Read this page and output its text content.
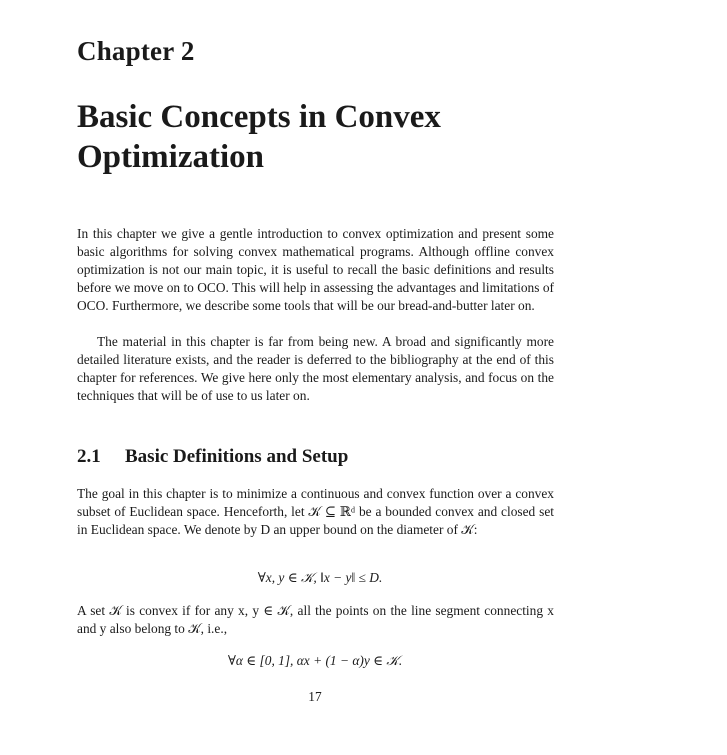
Chapter 2
Basic Concepts in Convex Optimization

In this chapter we give a gentle introduction to convex optimization and present some basic algorithms for solving convex mathematical programs. Although offline convex optimization is not our main topic, it is useful to recall the basic definitions and results before we move on to OCO. This will help in assessing the advantages and limitations of OCO. Furthermore, we describe some tools that will be our bread-and-butter later on.

The material in this chapter is far from being new. A broad and significantly more detailed literature exists, and the reader is deferred to the bibliography at the end of this chapter for references. We give here only the most elementary analysis, and focus on the techniques that will be of use to us later on.

2.1 Basic Definitions and Setup

The goal in this chapter is to minimize a continuous and convex function over a convex subset of Euclidean space. Henceforth, let 𝒦 ⊆ ℝᵈ be a bounded convex and closed set in Euclidean space. We denote by D an upper bound on the diameter of 𝒦:

∀x, y ∈ 𝒦, ‖x − y‖ ≤ D.

A set 𝒦 is convex if for any x, y ∈ 𝒦, all the points on the line segment connecting x and y also belong to 𝒦, i.e.,

∀α ∈ [0, 1], αx + (1 − α)y ∈ 𝒦.
17
